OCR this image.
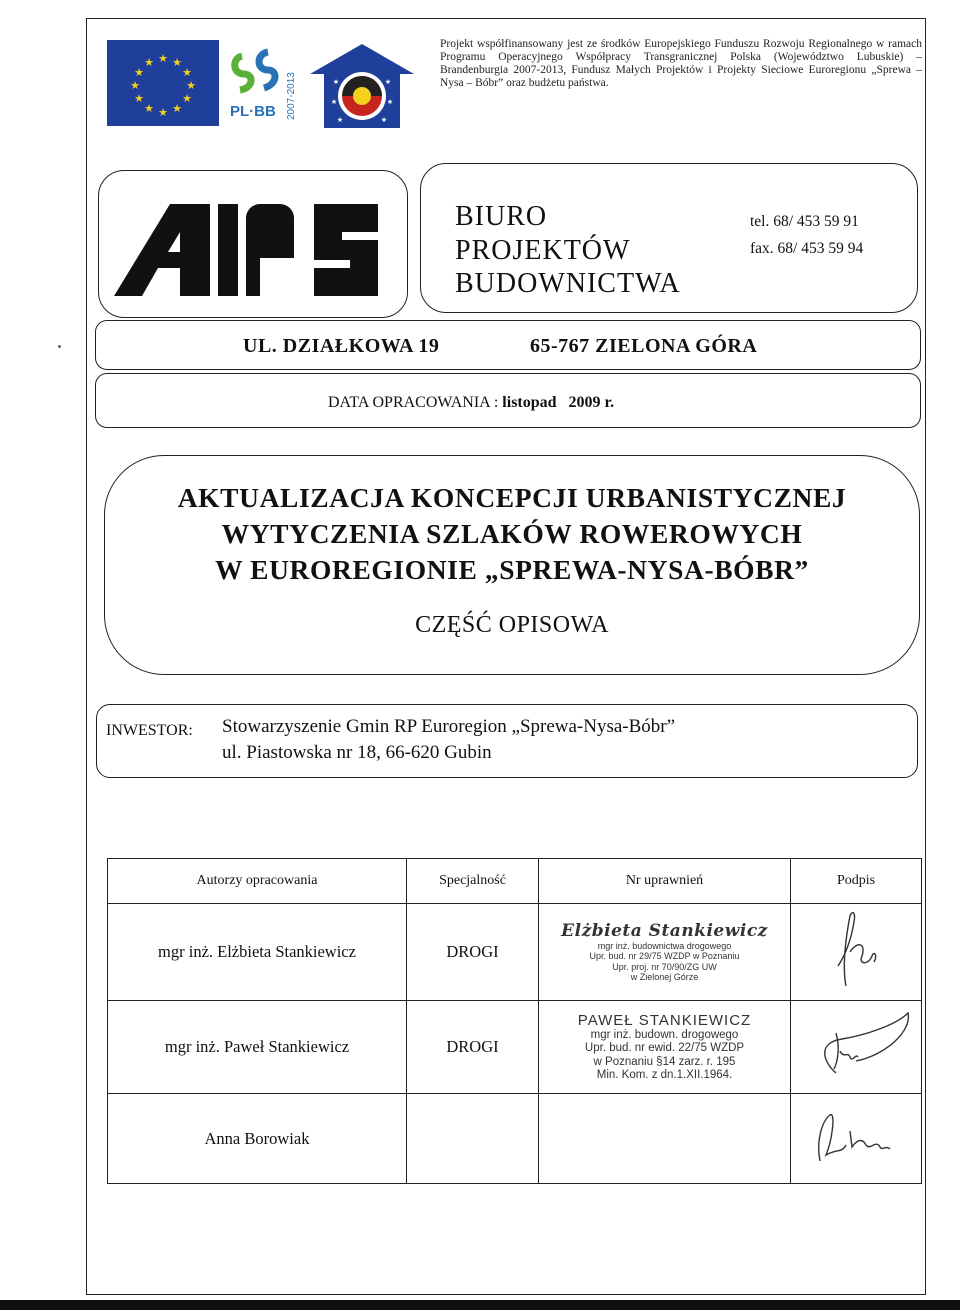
★ ★
★
★
★
★
★
★
★
★
★
★
PL·BB 2007-2013	★	★
★	★
★	★
Projekt współfinansowany jest ze środków Europejskiego Funduszu Rozwoju Regionalnego w ramach Programu Operacyjnego Współpracy Transgranicznej Polska (Województwo Lubuskie) – Brandenburgia 2007-2013, Fundusz Małych Projektów i Projekty Sieciowe Euroregionu „Sprewa – Nysa – Bóbr” oraz budżetu państwa.
BIURO
PROJEKTÓW
BUDOWNICTWA
tel. 68/ 453 59 91
fax. 68/ 453 59 94
UL. DZIAŁKOWA 19	65-767 ZIELONA GÓRA
DATA OPRACOWANIA : listopad 2009 r.
AKTUALIZACJA KONCEPCJI URBANISTYCZNEJ
WYTYCZENIA SZLAKÓW ROWEROWYCH
W EUROREGIONIE „SPREWA-NYSA-BÓBR”
CZĘŚĆ OPISOWA
INWESTOR: Stowarzyszenie Gmin RP Euroregion „Sprewa-Nysa-Bóbr”
ul. Piastowska nr 18, 66-620 Gubin
Autorzy opracowania	Specjalność	Nr uprawnień	Podpis
mgr inż. Elżbieta Stankiewicz	DROGI	Elżbieta Stankiewicz
mgr inż. budownictwa drogowego
Upr. bud. nr 29/75 WZDP w Poznaniu
Upr. proj. nr 70/90/ZG UW
w Zielonej Górze

mgr inż. Paweł Stankiewicz	DROGI	PAWEŁ STANKIEWICZ
mgr inż. budown. drogowego
Upr. bud. nr ewid. 22/75 WZDP
w Poznaniu §14 zarz. r. 195
Min. Kom. z dn.1.XII.1964.

Anna Borowiak			
